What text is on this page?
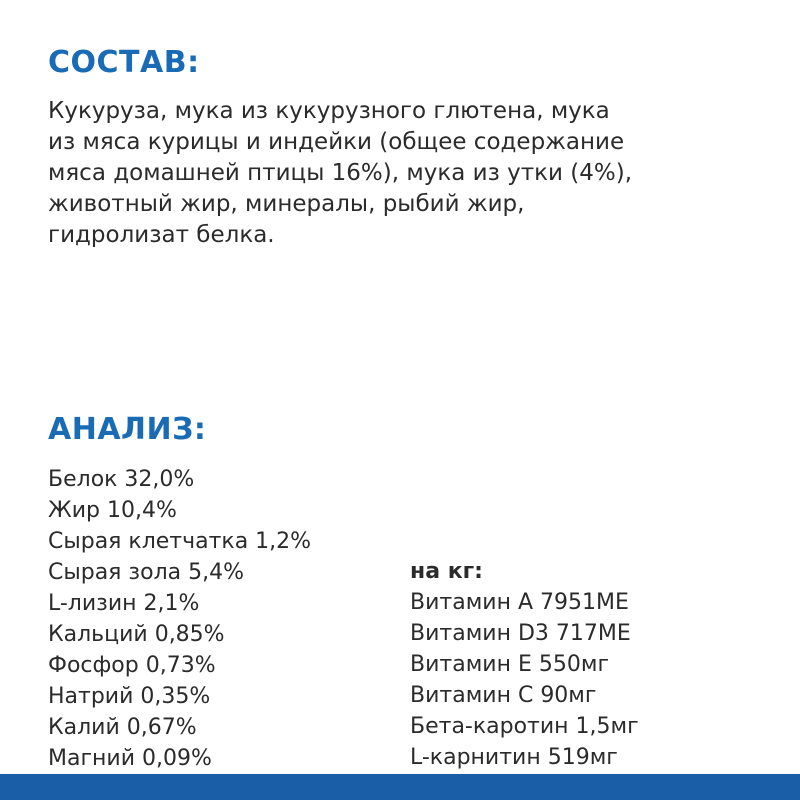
СОСТАВ:
Кукуруза, мука из кукурузного глютена, мука
из мяса курицы и индейки (общее содержание
мяса домашней птицы 16%), мука из утки (4%),
животный жир, минералы, рыбий жир,
гидролизат белка.
АНАЛИЗ:
Белок 32,0%
Жир 10,4%
Сырая клетчатка 1,2%
Сырая зола 5,4%
L-лизин 2,1%
Кальций 0,85%
Фосфор 0,73%
Натрий 0,35%
Калий 0,67%
Магний 0,09%
на кг:
Витамин A 7951МЕ
Витамин D3 717МЕ
Витамин E 550мг
Витамин C 90мг
Бета-каротин 1,5мг
L-карнитин 519мг
